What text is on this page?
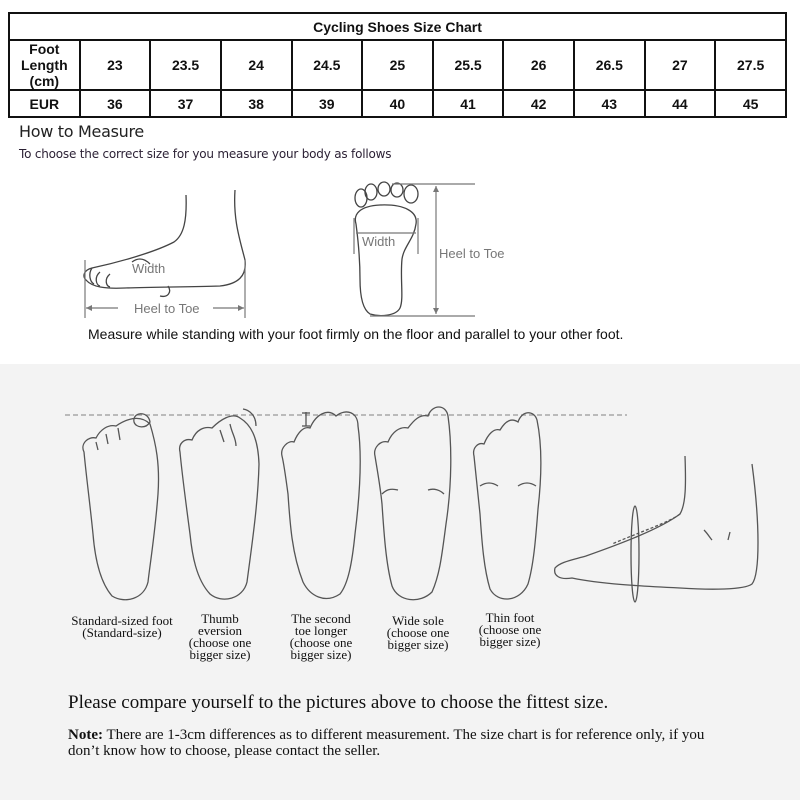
Cycling Shoes Size Chart										
Foot Length (cm)	23	23.5	24	24.5	25	25.5	26	26.5	27	27.5
EUR	36	37	38	39	40	41	42	43	44	45
How to Measure
To choose the correct size for you measure your body as follows
Width
Heel to Toe
Width
Heel to Toe
Measure while standing with your foot firmly on the floor and parallel to your other foot.
Standard-sized foot
(Standard-size)
Thumb
eversion
(choose one
bigger size)
The second
toe longer
(choose one
bigger size)
Wide sole
(choose one
bigger size)
Thin foot
(choose one
bigger size)
Please compare yourself to the pictures above to choose the fittest size.
Note: There are 1-3cm differences as to different measurement. The size chart is for reference only, if you don’t know how to choose, please contact the seller.
